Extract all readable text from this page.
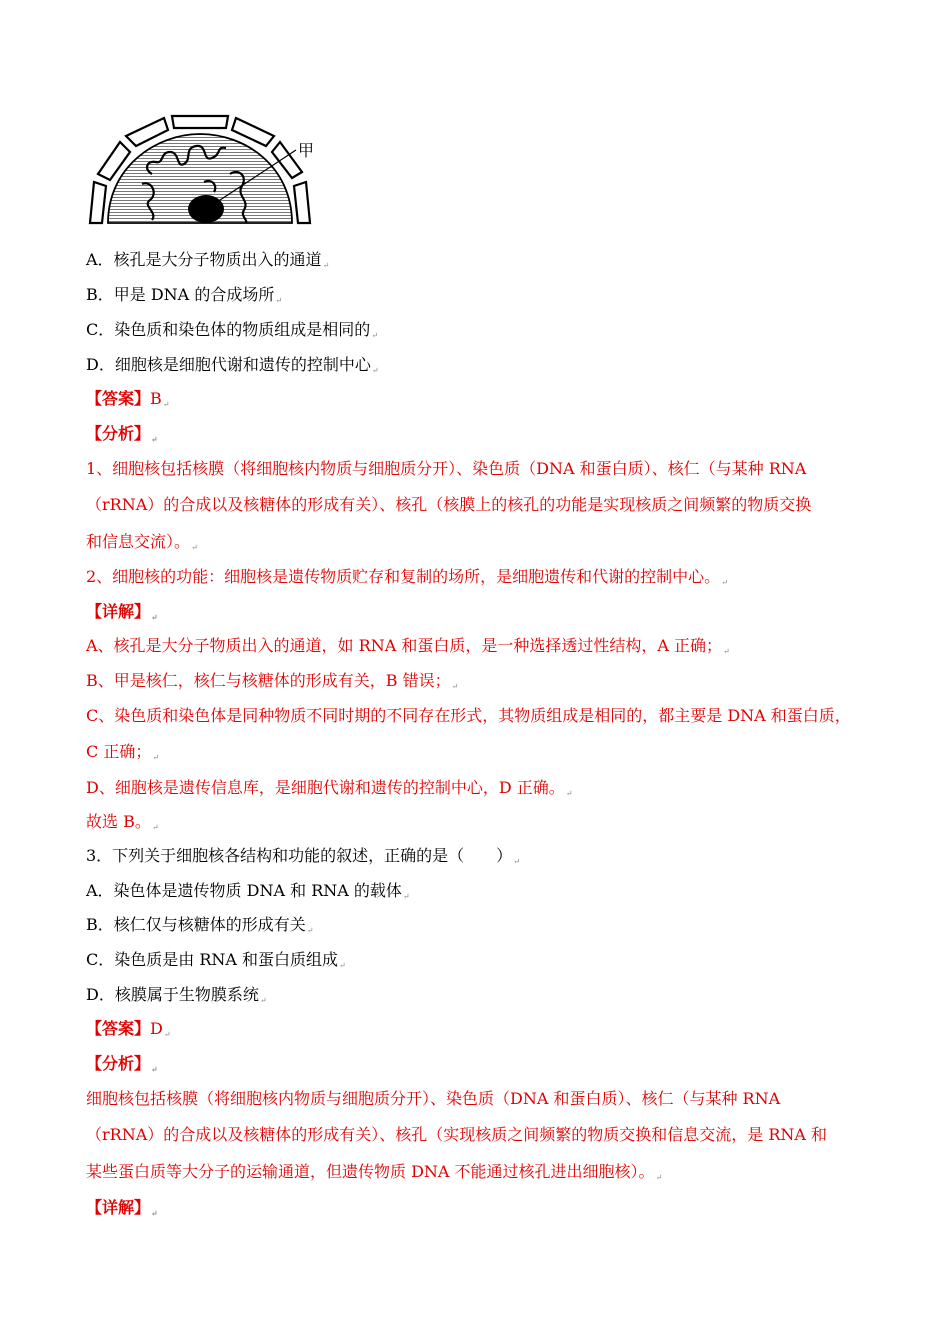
甲
A．核孔是大分子物质出入的通道↵
B．甲是 DNA 的合成场所↵
C．染色质和染色体的物质组成是相同的↵
D．细胞核是细胞代谢和遗传的控制中心↵
【答案】B↵
【分析】↵
1、细胞核包括核膜（将细胞核内物质与细胞质分开）、染色质（DNA 和蛋白质）、核仁（与某种 RNA
（rRNA）的合成以及核糖体的形成有关）、核孔（核膜上的核孔的功能是实现核质之间频繁的物质交换
和信息交流）。↵
2、细胞核的功能：细胞核是遗传物质贮存和复制的场所，是细胞遗传和代谢的控制中心。↵
【详解】↵
A、核孔是大分子物质出入的通道，如 RNA 和蛋白质，是一种选择透过性结构，A 正确；↵
B、甲是核仁，核仁与核糖体的形成有关，B 错误；↵
C、染色质和染色体是同种物质不同时期的不同存在形式，其物质组成是相同的，都主要是 DNA 和蛋白质，
C 正确；↵
D、细胞核是遗传信息库，是细胞代谢和遗传的控制中心，D 正确。↵
故选 B。↵
3．下列关于细胞核各结构和功能的叙述，正确的是（　　）↵
A．染色体是遗传物质 DNA 和 RNA 的载体↵
B．核仁仅与核糖体的形成有关↵
C．染色质是由 RNA 和蛋白质组成↵
D．核膜属于生物膜系统↵
【答案】D↵
【分析】↵
细胞核包括核膜（将细胞核内物质与细胞质分开）、染色质（DNA 和蛋白质）、核仁（与某种 RNA
（rRNA）的合成以及核糖体的形成有关）、核孔（实现核质之间频繁的物质交换和信息交流，是 RNA 和
某些蛋白质等大分子的运输通道，但遗传物质 DNA 不能通过核孔进出细胞核）。↵
【详解】↵
